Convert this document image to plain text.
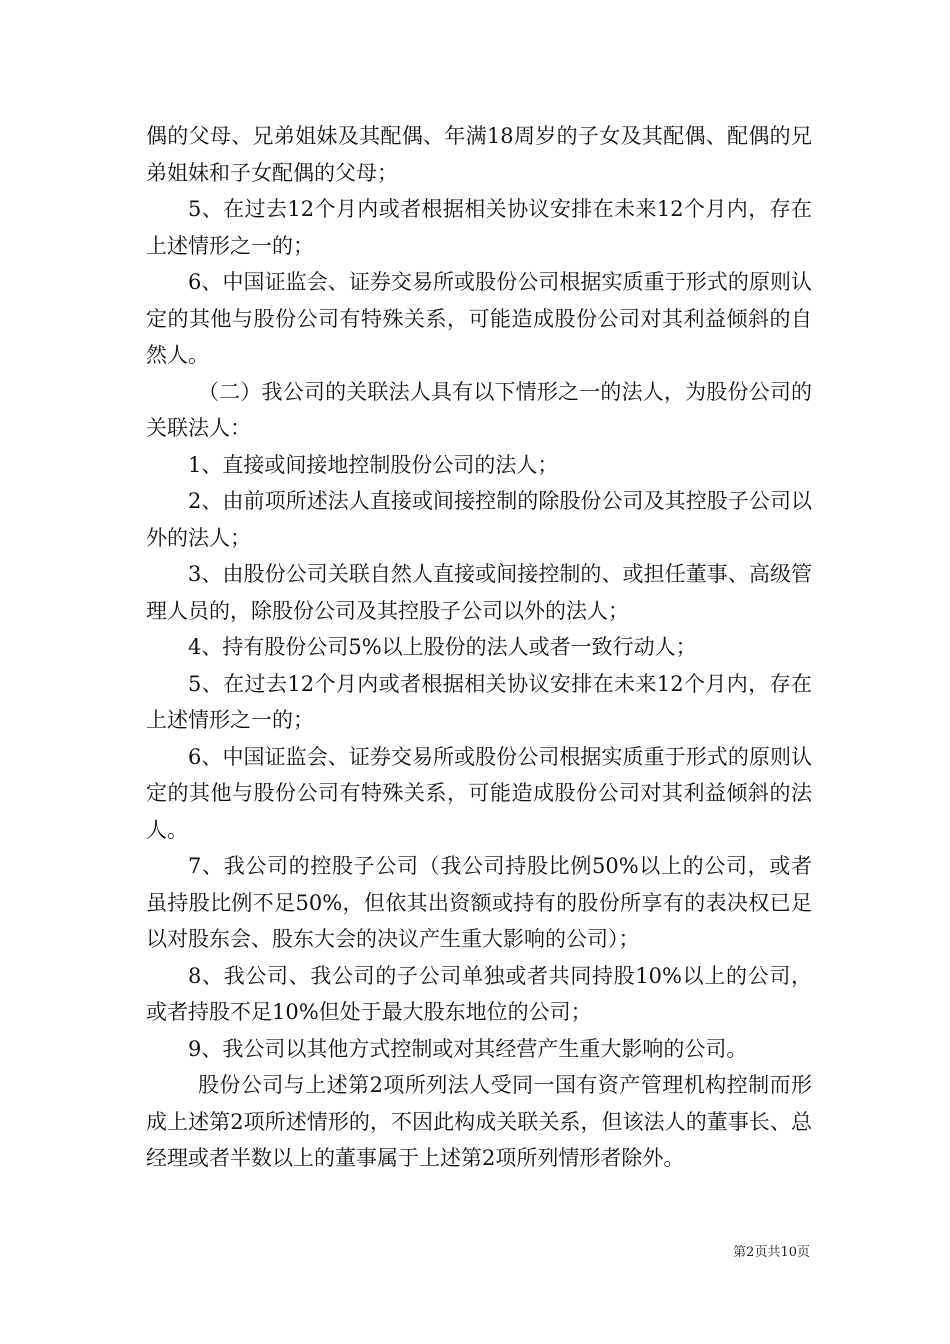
偶的父母、兄弟姐妹及其配偶、年满18周岁的子女及其配偶、配偶的兄弟姐妹和子女配偶的父母；

5、在过去12个月内或者根据相关协议安排在未来12个月内，存在上述情形之一的；

6、中国证监会、证券交易所或股份公司根据实质重于形式的原则认定的其他与股份公司有特殊关系，可能造成股份公司对其利益倾斜的自然人。

（二）我公司的关联法人具有以下情形之一的法人，为股份公司的关联法人：

1、直接或间接地控制股份公司的法人；

2、由前项所述法人直接或间接控制的除股份公司及其控股子公司以外的法人；

3、由股份公司关联自然人直接或间接控制的、或担任董事、高级管理人员的，除股份公司及其控股子公司以外的法人；

4、持有股份公司5%以上股份的法人或者一致行动人；

5、在过去12个月内或者根据相关协议安排在未来12个月内，存在上述情形之一的；

6、中国证监会、证券交易所或股份公司根据实质重于形式的原则认定的其他与股份公司有特殊关系，可能造成股份公司对其利益倾斜的法人。

7、我公司的控股子公司（我公司持股比例50%以上的公司，或者虽持股比例不足50%，但依其出资额或持有的股份所享有的表决权已足以对股东会、股东大会的决议产生重大影响的公司）；

8、我公司、我公司的子公司单独或者共同持股10%以上的公司，或者持股不足10%但处于最大股东地位的公司；

9、我公司以其他方式控制或对其经营产生重大影响的公司。

股份公司与上述第2项所列法人受同一国有资产管理机构控制而形成上述第2项所述情形的，不因此构成关联关系，但该法人的董事长、总经理或者半数以上的董事属于上述第2项所列情形者除外。

第2页共10页
